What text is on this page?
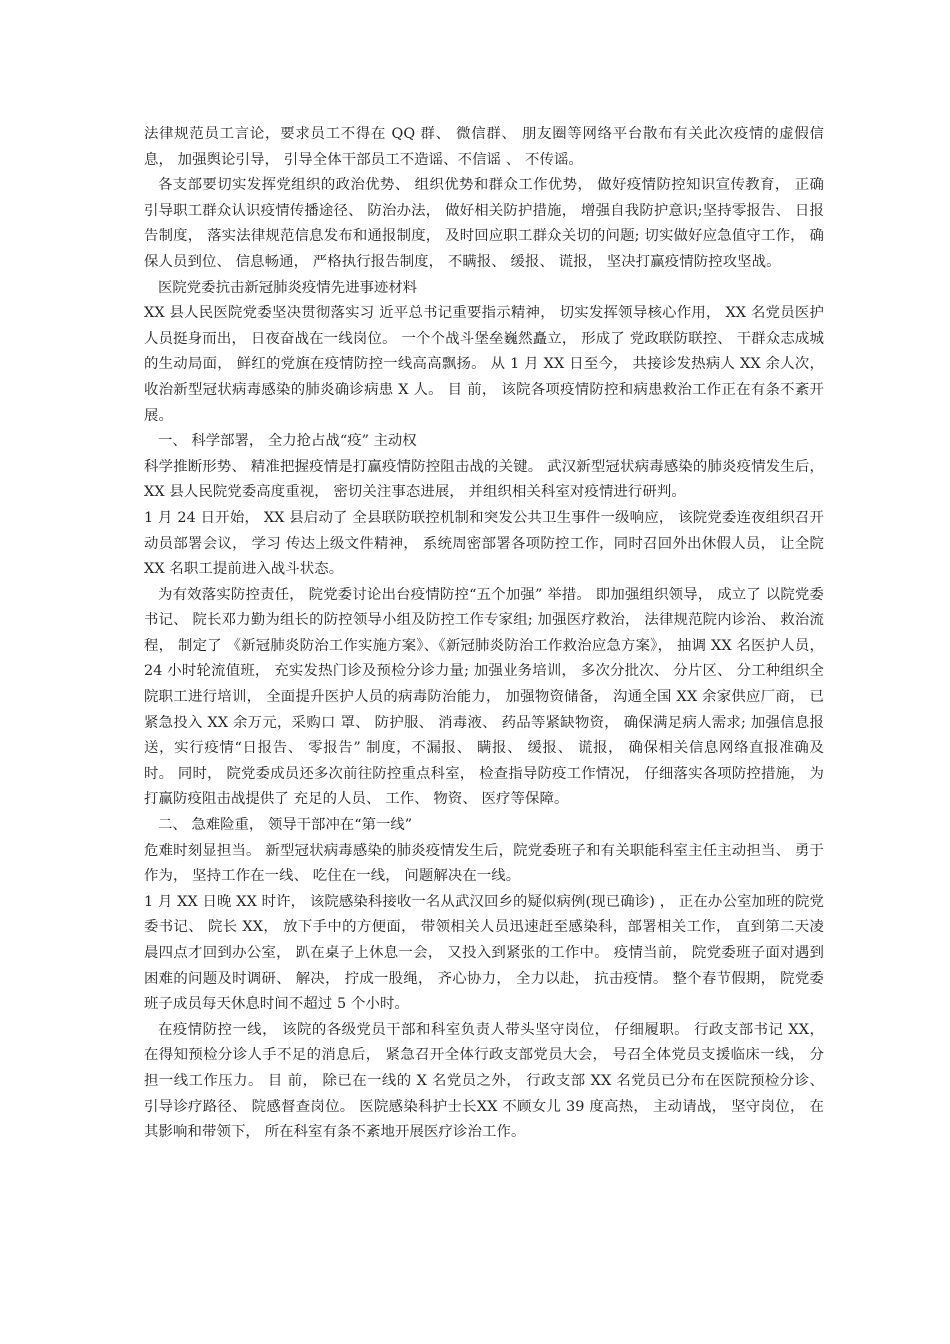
法律规范员工言论，要求员工不得在 QQ 群、 微信群、 朋友圈等网络平台散布有关此次疫情的虚假信息， 加强舆论引导， 引导全体干部员工不造谣、不信谣 、 不传谣。

各支部要切实发挥党组织的政治优势、 组织优势和群众工作优势， 做好疫情防控知识宣传教育， 正确引导职工群众认识疫情传播途径、 防治办法， 做好相关防护措施， 增强自我防护意识;坚持零报告、 日报告制度， 落实法律规范信息发布和通报制度， 及时回应职工群众关切的问题; 切实做好应急值守工作， 确保人员到位、 信息畅通， 严格执行报告制度， 不瞒报、 缓报、 谎报， 坚决打赢疫情防控攻坚战。

医院党委抗击新冠肺炎疫情先进事迹材料

XX 县人民医院党委坚决贯彻落实习 近平总书记重要指示精神， 切实发挥领导核心作用， XX 名党员医护人员挺身而出， 日夜奋战在一线岗位。 一个个战斗堡垒巍然矗立， 形成了 党政联防联控、 干群众志成城的生动局面， 鲜红的党旗在疫情防控一线高高飘扬。 从 1 月 XX 日至今， 共接诊发热病人 XX 余人次， 收治新型冠状病毒感染的肺炎确诊病患 X 人。 目 前， 该院各项疫情防控和病患救治工作正在有条不紊开展。

一、 科学部署， 全力抢占战“疫” 主动权

科学推断形势、 精准把握疫情是打赢疫情防控阻击战的关键。 武汉新型冠状病毒感染的肺炎疫情发生后， XX 县人民院党委高度重视， 密切关注事态进展， 并组织相关科室对疫情进行研判。

1 月 24 日开始， XX 县启动了 全县联防联控机制和突发公共卫生事件一级响应， 该院党委连夜组织召开动员部署会议， 学习 传达上级文件精神， 系统周密部署各项防控工作，同时召回外出休假人员， 让全院 XX 名职工提前进入战斗状态。

为有效落实防控责任， 院党委讨论出台疫情防控“五个加强” 举措。 即加强组织领导， 成立了 以院党委书记、 院长邓力勤为组长的防控领导小组及防控工作专家组; 加强医疗救治， 法律规范院内诊治、 救治流程， 制定了 《新冠肺炎防治工作实施方案》、《新冠肺炎防治工作救治应急方案》， 抽调 XX 名医护人员， 24 小时轮流值班， 充实发热门诊及预检分诊力量; 加强业务培训， 多次分批次、 分片区、 分工种组织全院职工进行培训， 全面提升医护人员的病毒防治能力， 加强物资储备， 沟通全国 XX 余家供应厂商， 已紧急投入 XX 余万元，采购口 罩、 防护服、 消毒液、 药品等紧缺物资， 确保满足病人需求; 加强信息报送，实行疫情“日报告、 零报告” 制度，不漏报、 瞒报、 缓报、 谎报， 确保相关信息网络直报准确及时。 同时， 院党委成员还多次前往防控重点科室， 检查指导防疫工作情况， 仔细落实各项防控措施， 为打赢防疫阻击战提供了 充足的人员、 工作、 物资、 医疗等保障。

二、 急难险重， 领导干部冲在“第一线”

危难时刻显担当。 新型冠状病毒感染的肺炎疫情发生后，院党委班子和有关职能科室主任主动担当、 勇于作为， 坚持工作在一线、 吃住在一线， 问题解决在一线。

1 月 XX 日晚 XX 时许， 该院感染科接收一名从武汉回乡的疑似病例(现已确诊) ， 正在办公室加班的院党委书记、 院长 XX， 放下手中的方便面， 带领相关人员迅速赶至感染科，部署相关工作， 直到第二天凌晨四点才回到办公室， 趴在桌子上休息一会， 又投入到紧张的工作中。 疫情当前， 院党委班子面对遇到困难的问题及时调研、 解决， 拧成一股绳， 齐心协力， 全力以赴， 抗击疫情。 整个春节假期， 院党委班子成员每天休息时间不超过 5 个小时。

在疫情防控一线， 该院的各级党员干部和科室负责人带头坚守岗位， 仔细履职。 行政支部书记 XX， 在得知预检分诊人手不足的消息后， 紧急召开全体行政支部党员大会， 号召全体党员支援临床一线， 分担一线工作压力。 目 前， 除已在一线的 X 名党员之外， 行政支部 XX 名党员已分布在医院预检分诊、 引导诊疗路径、 院感督查岗位。 医院感染科护士长XX 不顾女儿 39 度高热， 主动请战， 坚守岗位， 在其影响和带领下， 所在科室有条不紊地开展医疗诊治工作。
